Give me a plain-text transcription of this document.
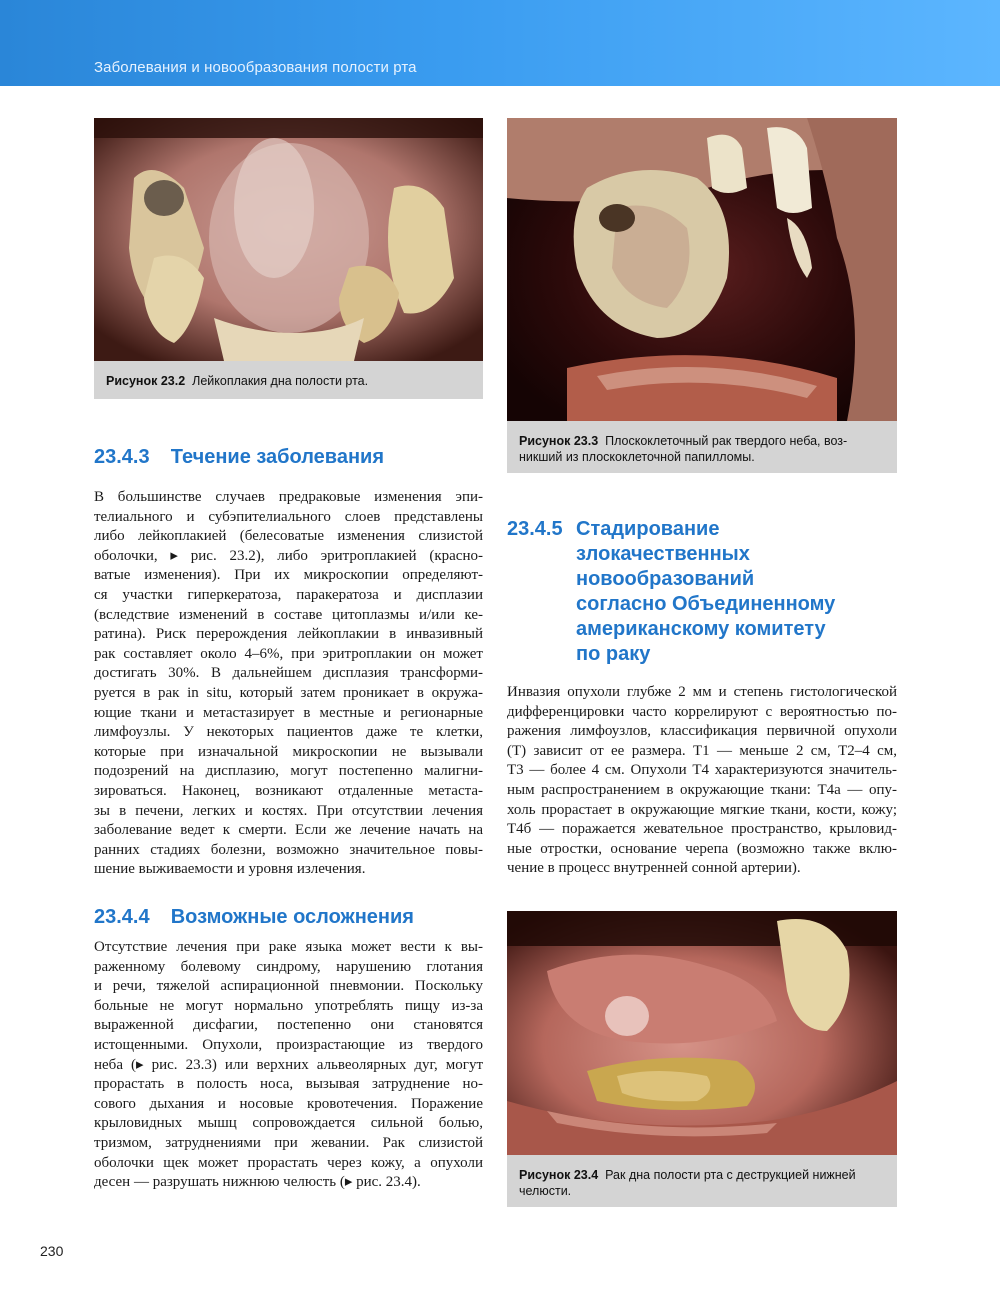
Заболевания и новообразования полости рта
Рисунок 23.2 Лейкоплакия дна полости рта.
Рисунок 23.3 Плоскоклеточный рак твердого неба, воз-
никший из плоскоклеточной папилломы.
23.4.3 Течение заболевания
В большинстве случаев предраковые изменения эпи-
телиального и субэпителиального слоев представлены
либо лейкоплакией (белесоватые изменения слизистой
оболочки, ▸ рис. 23.2), либо эритроплакией (красно-
ватые изменения). При их микроскопии определяют-
ся участки гиперкератоза, паракератоза и дисплазии
(вследствие изменений в составе цитоплазмы и/или ке-
ратина). Риск перерождения лейкоплакии в инвазивный
рак составляет около 4–6%, при эритроплакии он может
достигать 30%. В дальнейшем дисплазия трансформи-
руется в рак in situ, который затем проникает в окружа-
ющие ткани и метастазирует в местные и регионарные
лимфоузлы. У некоторых пациентов даже те клетки,
которые при изначальной микроскопии не вызывали
подозрений на дисплазию, могут постепенно малигни-
зироваться. Наконец, возникают отдаленные метаста-
зы в печени, легких и костях. При отсутствии лечения
заболевание ведет к смерти. Если же лечение начать на
ранних стадиях болезни, возможно значительное повы-
шение выживаемости и уровня излечения.
23.4.4 Возможные осложнения
Отсутствие лечения при раке языка может вести к вы-
раженному болевому синдрому, нарушению глотания
и речи, тяжелой аспирационной пневмонии. Поскольку
больные не могут нормально употреблять пищу из-за
выраженной дисфагии, постепенно они становятся
истощенными. Опухоли, произрастающие из твердого
неба (▸ рис. 23.3) или верхних альвеолярных дуг, могут
прорастать в полость носа, вызывая затруднение но-
сового дыхания и носовые кровотечения. Поражение
крыловидных мышц сопровождается сильной болью,
тризмом, затруднениями при жевании. Рак слизистой
оболочки щек может прорастать через кожу, а опухоли
десен — разрушать нижнюю челюсть (▸ рис. 23.4).
23.4.5 Стадирование
злокачественных
новообразований
согласно Объединенному
американскому комитету
по раку
Инвазия опухоли глубже 2 мм и степень гистологической
дифференцировки часто коррелируют с вероятностью по-
ражения лимфоузлов, классификация первичной опухоли
(T) зависит от ее размера. T1 — меньше 2 см, T2–4 см,
T3 — более 4 см. Опухоли T4 характеризуются значитель-
ным распространением в окружающие ткани: T4a — опу-
холь прорастает в окружающие мягкие ткани, кости, кожу;
T4б — поражается жевательное пространство, крыловид-
ные отростки, основание черепа (возможно также вклю-
чение в процесс внутренней сонной артерии).
Рисунок 23.4 Рак дна полости рта с деструкцией нижней
челюсти.
230
